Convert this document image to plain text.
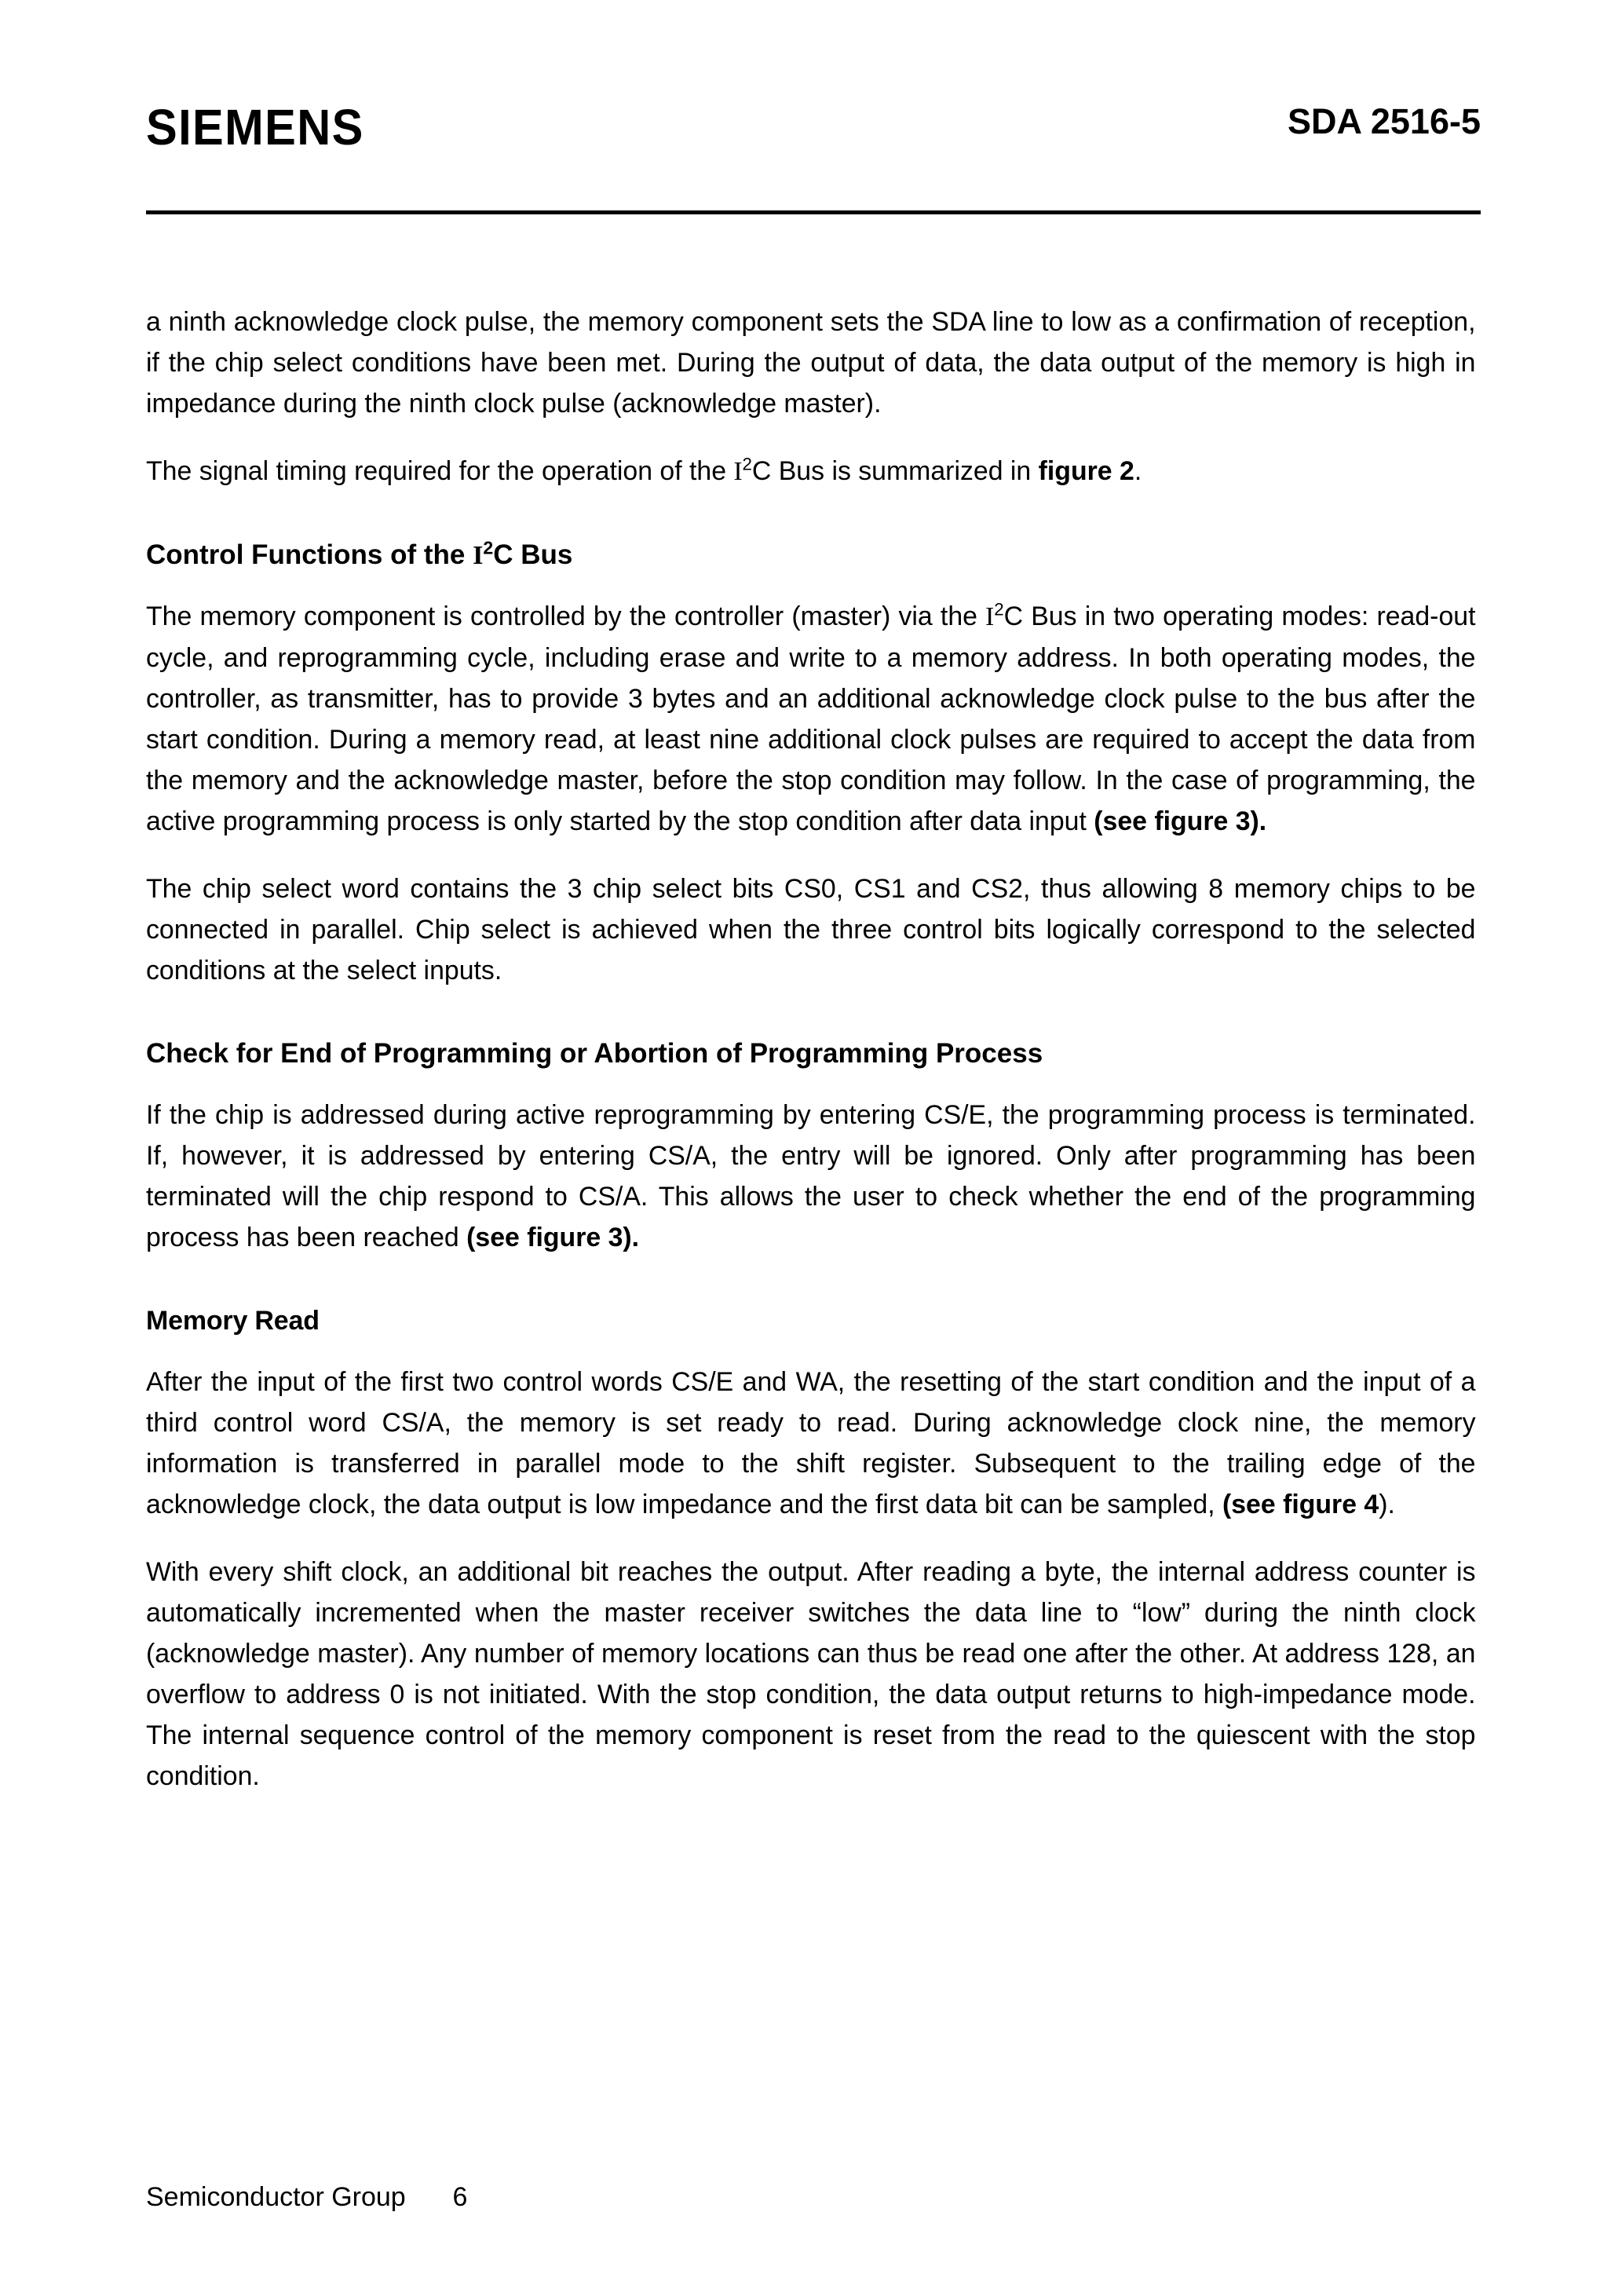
SIEMENS	SDA 2516-5

a ninth acknowledge clock pulse, the memory component sets the SDA line to low as a confirmation of reception, if the chip select conditions have been met. During the output of data, the data output of the memory is high in impedance during the ninth clock pulse (acknowledge master).

The signal timing required for the operation of the $I^2C$ Bus is summarized in figure 2.

Control Functions of the $I^2C$ Bus

The memory component is controlled by the controller (master) via the $I^2C$ Bus in two operating modes: read-out cycle, and reprogramming cycle, including erase and write to a memory address. In both operating modes, the controller, as transmitter, has to provide 3 bytes and an additional acknowledge clock pulse to the bus after the start condition. During a memory read, at least nine additional clock pulses are required to accept the data from the memory and the acknowledge master, before the stop condition may follow. In the case of programming, the active programming process is only started by the stop condition after data input (see figure 3).

The chip select word contains the 3 chip select bits CS0, CS1 and CS2, thus allowing 8 memory chips to be connected in parallel. Chip select is achieved when the three control bits logically correspond to the selected conditions at the select inputs.

Check for End of Programming or Abortion of Programming Process

If the chip is addressed during active reprogramming by entering CS/E, the programming process is terminated. If, however, it is addressed by entering CS/A, the entry will be ignored. Only after programming has been terminated will the chip respond to CS/A. This allows the user to check whether the end of the programming process has been reached (see figure 3).

Memory Read

After the input of the first two control words CS/E and WA, the resetting of the start condition and the input of a third control word CS/A, the memory is set ready to read. During acknowledge clock nine, the memory information is transferred in parallel mode to the shift register. Subsequent to the trailing edge of the acknowledge clock, the data output is low impedance and the first data bit can be sampled, (see figure 4).

With every shift clock, an additional bit reaches the output. After reading a byte, the internal address counter is automatically incremented when the master receiver switches the data line to “low” during the ninth clock (acknowledge master). Any number of memory locations can thus be read one after the other. At address 128, an overflow to address 0 is not initiated. With the stop condition, the data output returns to high-impedance mode. The internal sequence control of the memory component is reset from the read to the quiescent with the stop condition.

Semiconductor Group	6
